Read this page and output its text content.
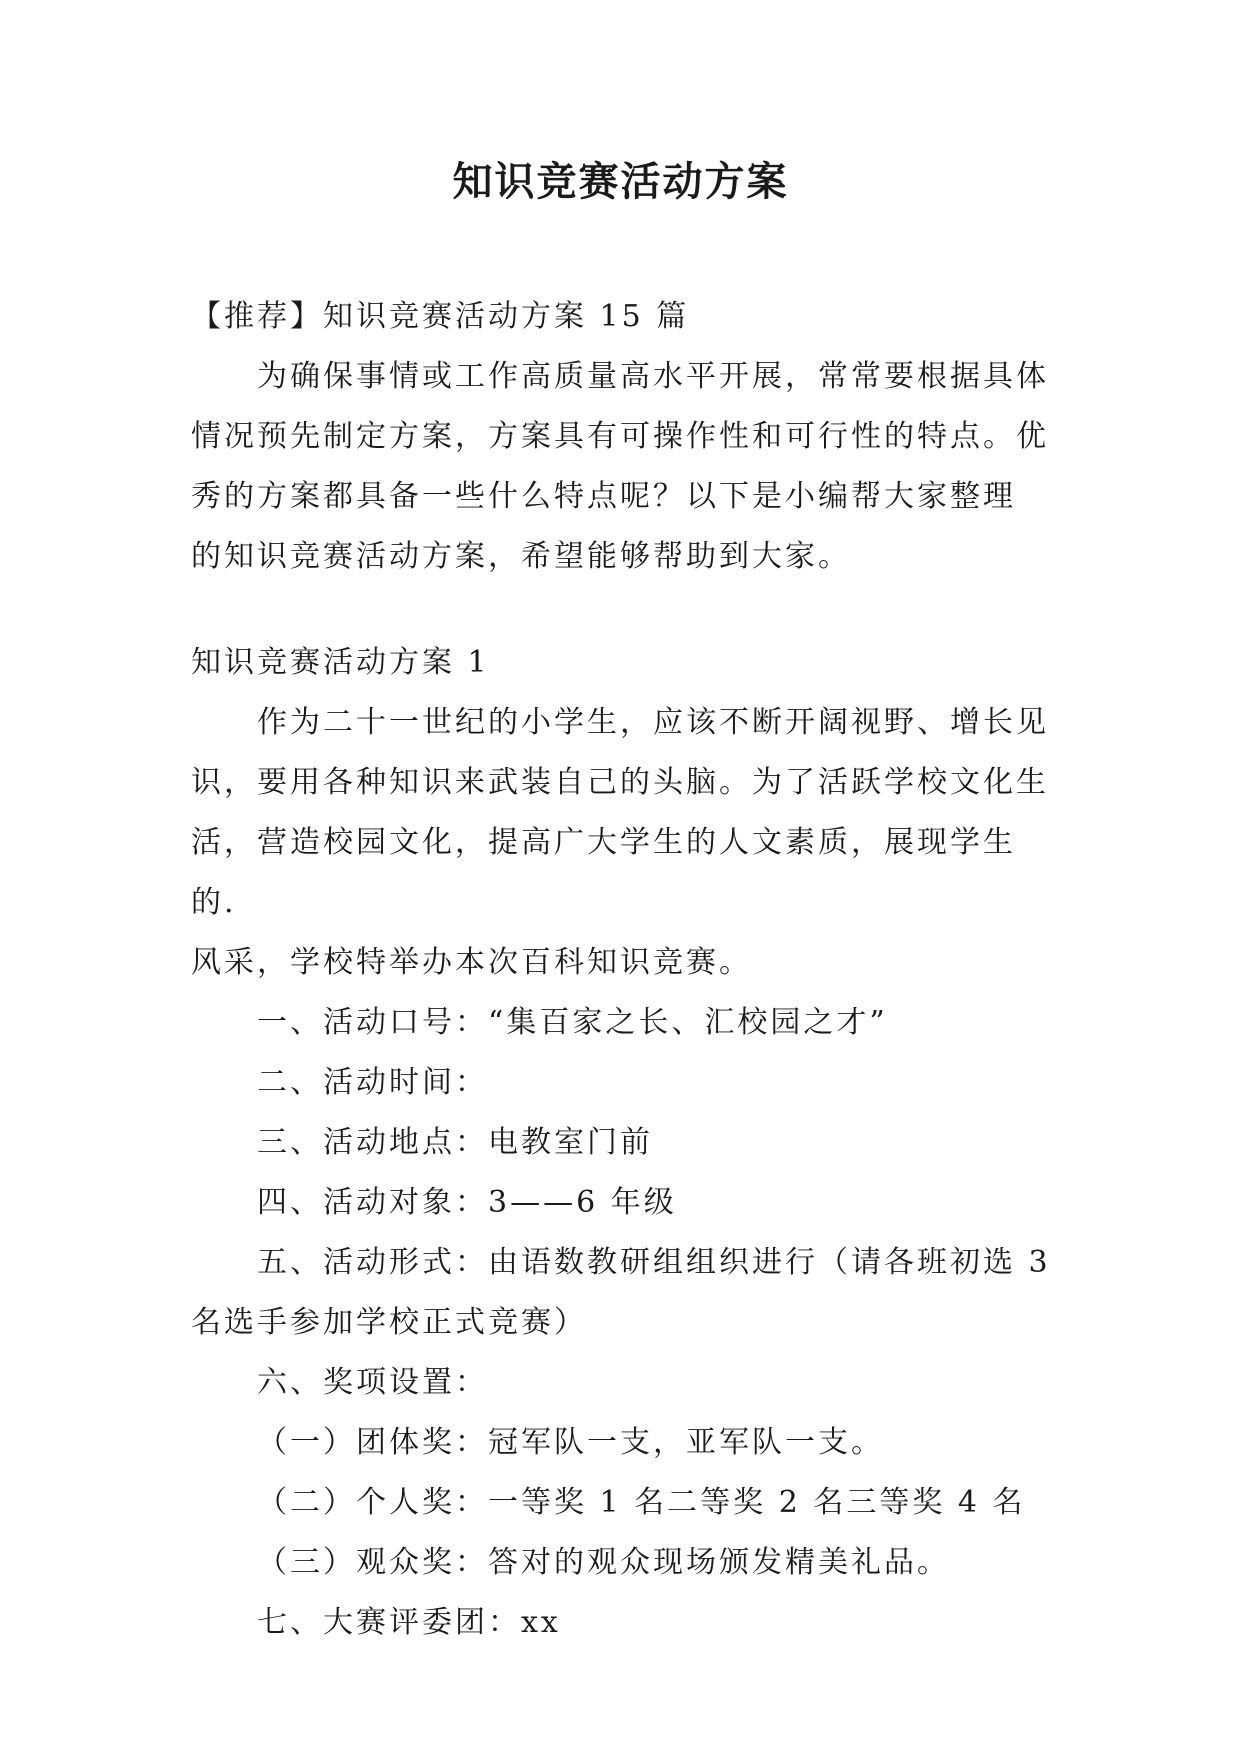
知识竞赛活动方案

【推荐】知识竞赛活动方案 15 篇

为确保事情或工作高质量高水平开展，常常要根据具体

情况预先制定方案，方案具有可操作性和可行性的特点。优

秀的方案都具备一些什么特点呢？以下是小编帮大家整理

的知识竞赛活动方案，希望能够帮助到大家。

知识竞赛活动方案 1

作为二十一世纪的小学生，应该不断开阔视野、增长见

识，要用各种知识来武装自己的头脑。为了活跃学校文化生

活，营造校园文化，提高广大学生的人文素质，展现学生的.

风采，学校特举办本次百科知识竞赛。

一、活动口号：“集百家之长、汇校园之才”

二、活动时间：

三、活动地点：电教室门前

四、活动对象：3——6 年级

五、活动形式：由语数教研组组织进行（请各班初选 3

名选手参加学校正式竞赛）

六、奖项设置：

（一）团体奖：冠军队一支，亚军队一支。

（二）个人奖：一等奖 1 名二等奖 2 名三等奖 4 名

（三）观众奖：答对的观众现场颁发精美礼品。

七、大赛评委团：xx
